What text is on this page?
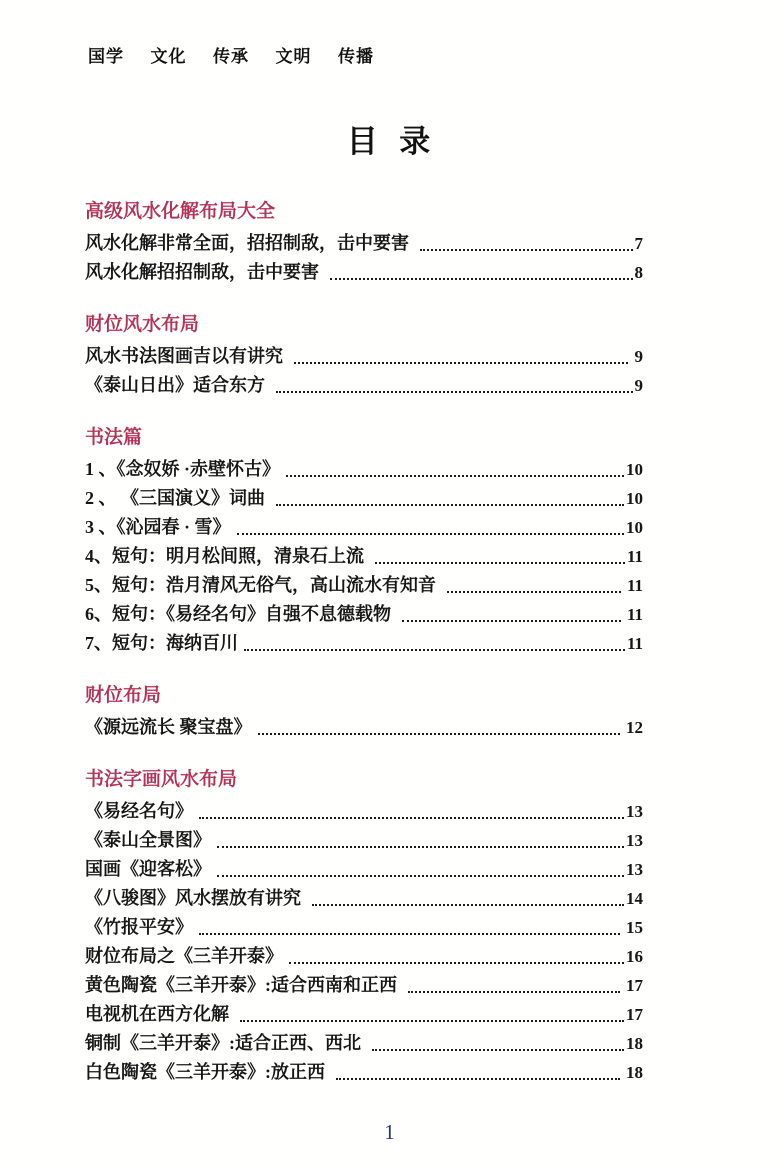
国学  文化  传承  文明  传播
目  录
高级风水化解布局大全
风水化解非常全面，招招制敌，击中要害	7
风水化解招招制敌，击中要害	8
财位风水布局
风水书法图画吉以有讲究	9
《泰山日出》适合东方	9
书法篇
1 、《念奴娇 ·赤壁怀古》	10
2 、 《三国演义》词曲	10
3 、《沁园春 · 雪》	10
4、短句：明月松间照，清泉石上流	11
5、短句：浩月清风无俗气，高山流水有知音	11
6、短句：《易经名句》自强不息德载物	11
7、短句：海纳百川	11
财位布局
《源远流长 聚宝盘》	12
书法字画风水布局
《易经名句》	13
《泰山全景图》	13
国画《迎客松》	13
《八骏图》风水摆放有讲究	14
《竹报平安》	15
财位布局之《三羊开泰》	16
黄色陶瓷《三羊开泰》:适合西南和正西	17
电视机在西方化解	17
铜制《三羊开泰》:适合正西、西北	18
白色陶瓷《三羊开泰》:放正西	18
1
